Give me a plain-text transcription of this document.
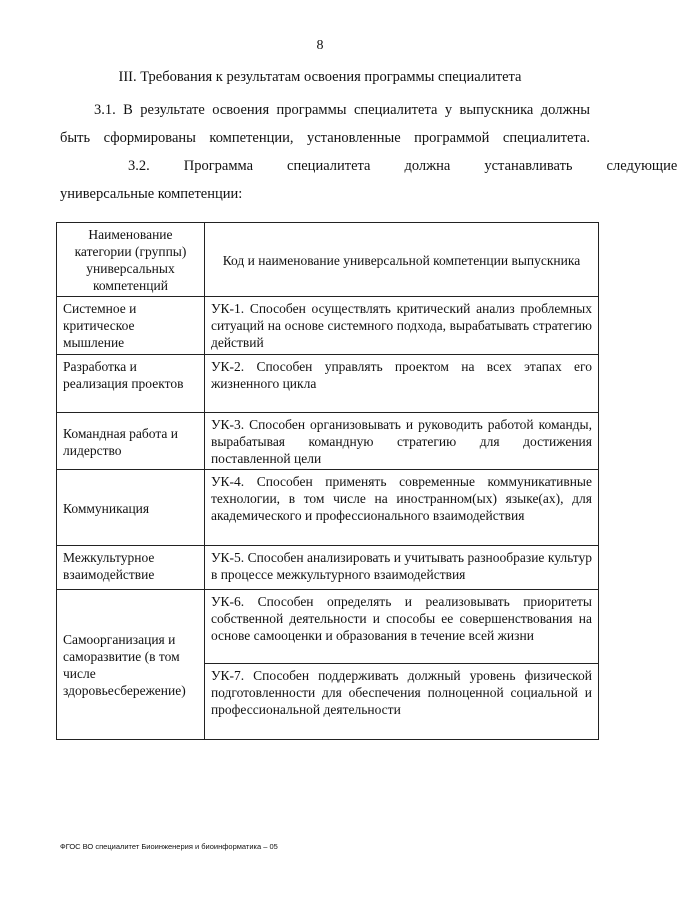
8
III. Требования к результатам освоения программы специалитета
3.1. В результате освоения программы специалитета у выпускника должны быть сформированы компетенции, установленные программой специалитета.
3.2.	Программа	специалитета	должна	устанавливать	следующие
универсальные компетенции:
Наименование категории (группы) универсальных компетенций	Код и наименование универсальной компетенции выпускника
Системное и критическое мышление	УК-1. Способен осуществлять критический анализ проблемных ситуаций на основе системного подхода, вырабатывать стратегию действий
Разработка и реализация проектов	УК-2. Способен управлять проектом на всех этапах его жизненного цикла
Командная работа и лидерство	УК-3. Способен организовывать и руководить работой команды, вырабатывая командную стратегию для достижения поставленной цели
Коммуникация	УК-4. Способен применять современные коммуникативные технологии, в том числе на иностранном(ых) языке(ах), для академического и профессионального взаимодействия
Межкультурное взаимодействие	УК-5. Способен анализировать и учитывать разнообразие культур в процессе межкультурного взаимодействия
Самоорганизация и саморазвитие (в том числе здоровьесбережение)	УК-6. Способен определять и реализовывать приоритеты собственной деятельности и способы ее совершенствования на основе самооценки и образования в течение всей жизни
	УК-7. Способен поддерживать должный уровень физической подготовленности для обеспечения полноценной социальной и профессиональной деятельности
ФГОС ВО специалитет Биоинженерия и биоинформатика – 05
